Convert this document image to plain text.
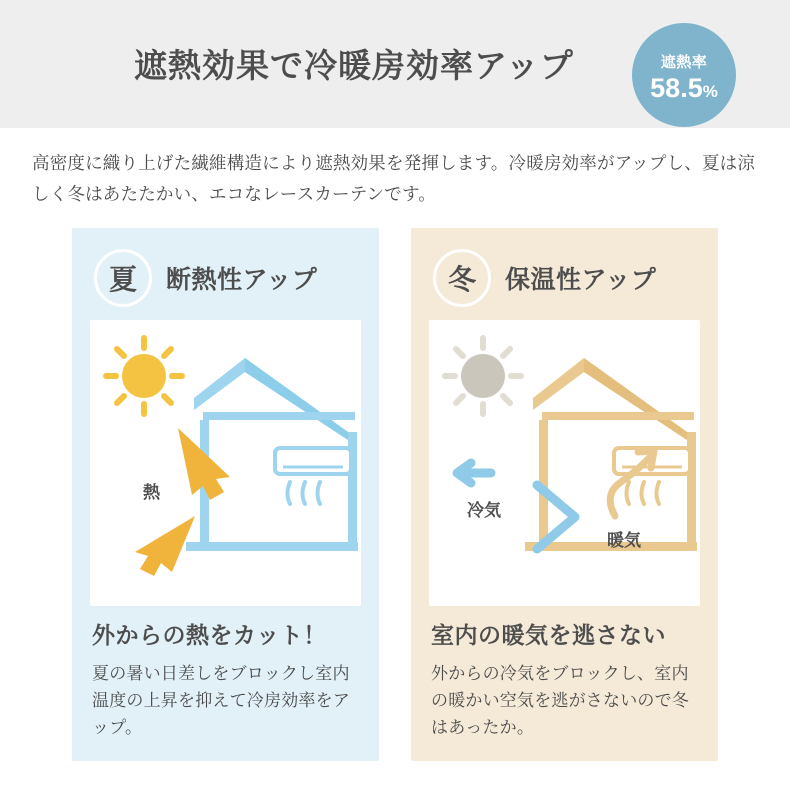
遮熱効果で冷暖房効率アップ	遮熱率
58.5%
高密度に織り上げた繊維構造により遮熱効果を発揮します。冷暖房効率がアップし、夏は涼しく冬はあたたかい、エコなレースカーテンです。
夏	断熱性アップ
熱
外からの熱をカット！
夏の暑い日差しをブロックし室内温度の上昇を抑えて冷房効率をアップ。
冬	保温性アップ
冷気
暖気
室内の暖気を逃さない
外からの冷気をブロックし、室内の暖かい空気を逃がさないので冬はあったか。
